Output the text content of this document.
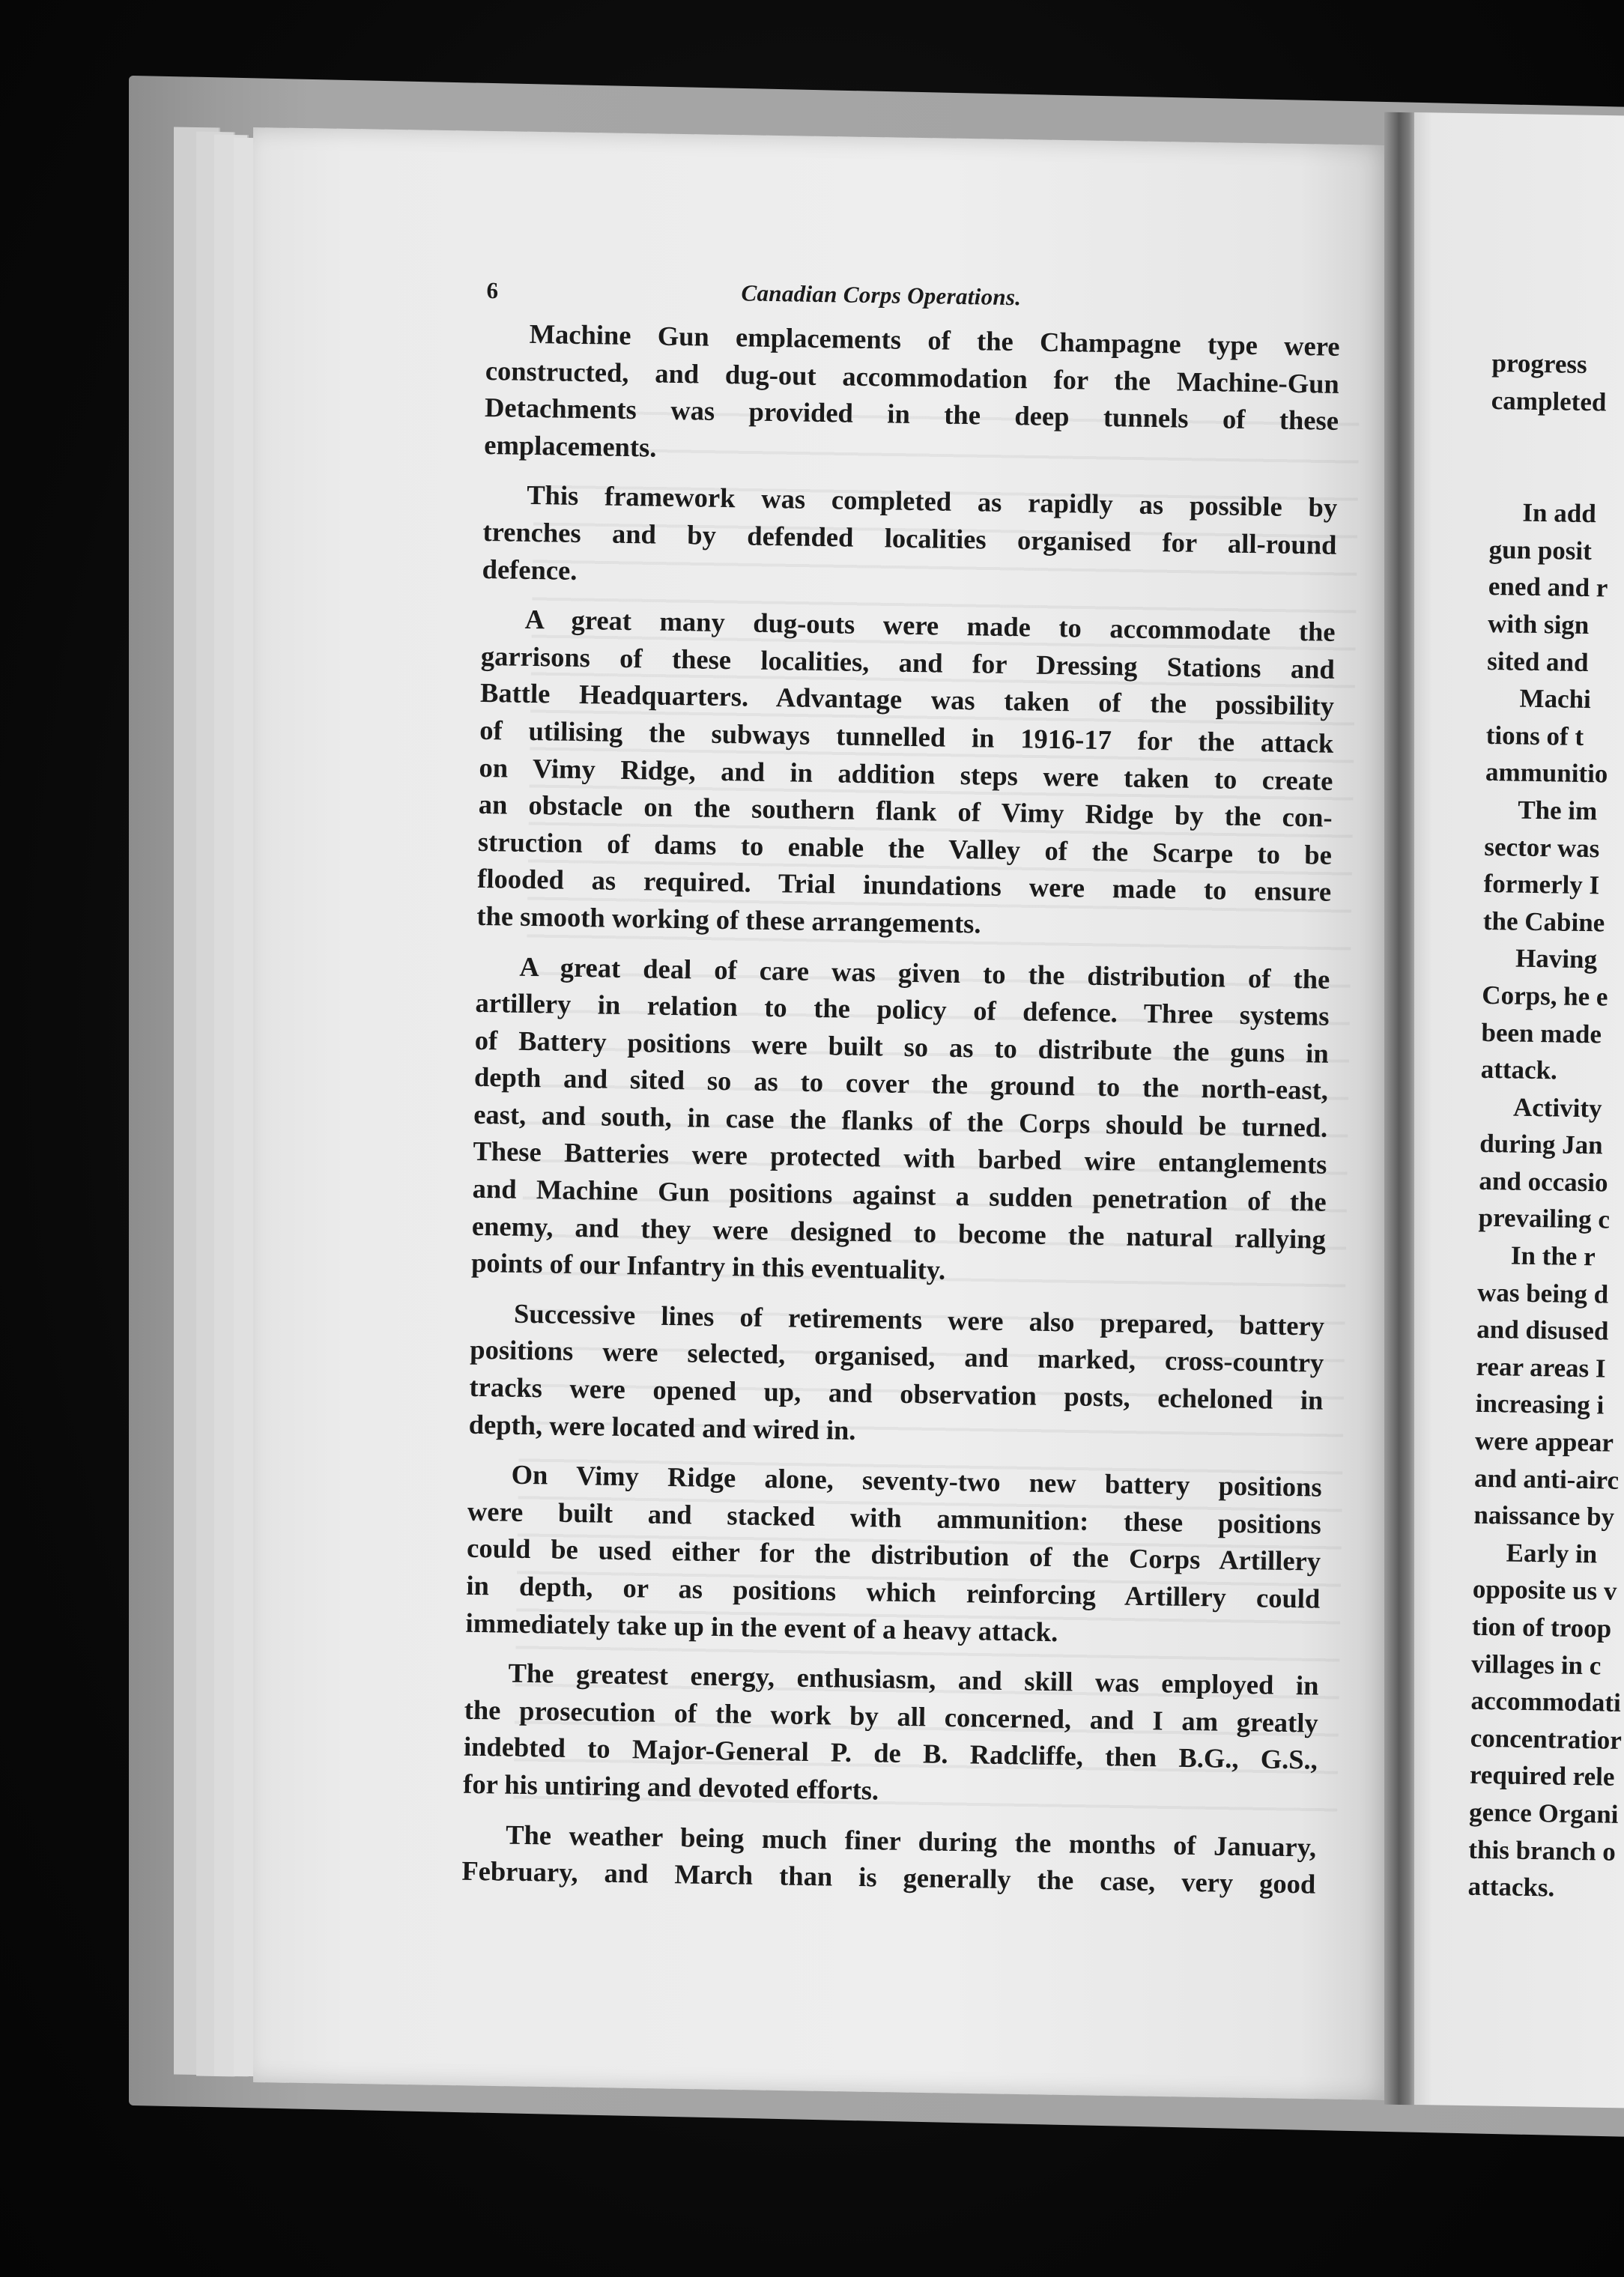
6	Canadian Corps Operations.
Machine Gun emplacements of the Champagne type were
constructed, and dug-out accommodation for the Machine-Gun
Detachments was provided in the deep tunnels of these
emplacements.
This framework was completed as rapidly as possible by
trenches and by defended localities organised for all-round
defence.
A great many dug-outs were made to accommodate the
garrisons of these localities, and for Dressing Stations and
Battle Headquarters. Advantage was taken of the possibility
of utilising the subways tunnelled in 1916-17 for the attack
on Vimy Ridge, and in addition steps were taken to create
an obstacle on the southern flank of Vimy Ridge by the con-
struction of dams to enable the Valley of the Scarpe to be
flooded as required. Trial inundations were made to ensure
the smooth working of these arrangements.
A great deal of care was given to the distribution of the
artillery in relation to the policy of defence. Three systems
of Battery positions were built so as to distribute the guns in
depth and sited so as to cover the ground to the north-east,
east, and south, in case the flanks of the Corps should be turned.
These Batteries were protected with barbed wire entanglements
and Machine Gun positions against a sudden penetration of the
enemy, and they were designed to become the natural rallying
points of our Infantry in this eventuality.
Successive lines of retirements were also prepared, battery
positions were selected, organised, and marked, cross-country
tracks were opened up, and observation posts, echeloned in
depth, were located and wired in.
On Vimy Ridge alone, seventy-two new battery positions
were built and stacked with ammunition: these positions
could be used either for the distribution of the Corps Artillery
in depth, or as positions which reinforcing Artillery could
immediately take up in the event of a heavy attack.
The greatest energy, enthusiasm, and skill was employed in
the prosecution of the work by all concerned, and I am greatly
indebted to Major-General P. de B. Radcliffe, then B.G., G.S.,
for his untiring and devoted efforts.
The weather being much finer during the months of January,
February, and March than is generally the case, very good
progress
campleted
In add
gun posit
ened and r
with sign
sited and
Machi
tions of t
ammunitio
The im
sector was
formerly I
the Cabine
Having
Corps, he e
been made
attack.
Activity
during Jan
and occasio
prevailing c
In the r
was being d
and disused
rear areas I
increasing i
were appear
and anti-airc
naissance by
Early in
opposite us v
tion of troop
villages in c
accommodati
concentratior
required rele
gence Organi
this branch o
attacks.
